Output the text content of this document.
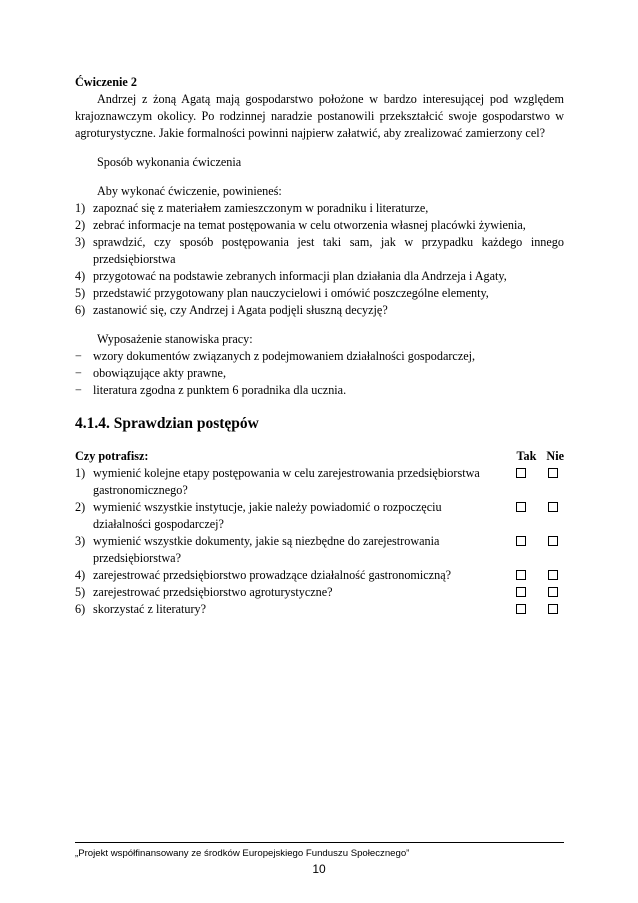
Ćwiczenie 2

Andrzej z żoną Agatą mają gospodarstwo położone w bardzo interesującej pod względem krajoznawczym okolicy. Po rodzinnej naradzie postanowili przekształcić swoje gospodarstwo w agroturystyczne. Jakie formalności powinni najpierw załatwić, aby zrealizować zamierzony cel?

Sposób wykonania ćwiczenia

Aby wykonać ćwiczenie, powinieneś:

1) zapoznać się z materiałem zamieszczonym w poradniku i literaturze,
2) zebrać informacje na temat postępowania w celu otworzenia własnej placówki żywienia,
3) sprawdzić, czy sposób postępowania jest taki sam, jak w przypadku każdego innego przedsiębiorstwa
4) przygotować na podstawie zebranych informacji plan działania dla Andrzeja i Agaty,
5) przedstawić przygotowany plan nauczycielowi i omówić poszczególne elementy,
6) zastanowić się, czy Andrzej i Agata podjęli słuszną decyzję?

Wyposażenie stanowiska pracy:

− wzory dokumentów związanych z podejmowaniem działalności gospodarczej,
− obowiązujące akty prawne,
− literatura zgodna z punktem 6 poradnika dla ucznia.
4.1.4. Sprawdzian postępów
Czy potrafisz:	Tak Nie
1) wymienić kolejne etapy postępowania w celu zarejestrowania przedsiębiorstwa gastronomicznego?
2) wymienić wszystkie instytucje, jakie należy powiadomić o rozpoczęciu działalności gospodarczej?
3) wymienić wszystkie dokumenty, jakie są niezbędne do zarejestrowania przedsiębiorstwa?
4) zarejestrować przedsiębiorstwo prowadzące działalność gastronomiczną?
5) zarejestrować przedsiębiorstwo agroturystyczne?
6) skorzystać z literatury?
„Projekt współfinansowany ze środków Europejskiego Funduszu Społecznego”
10
